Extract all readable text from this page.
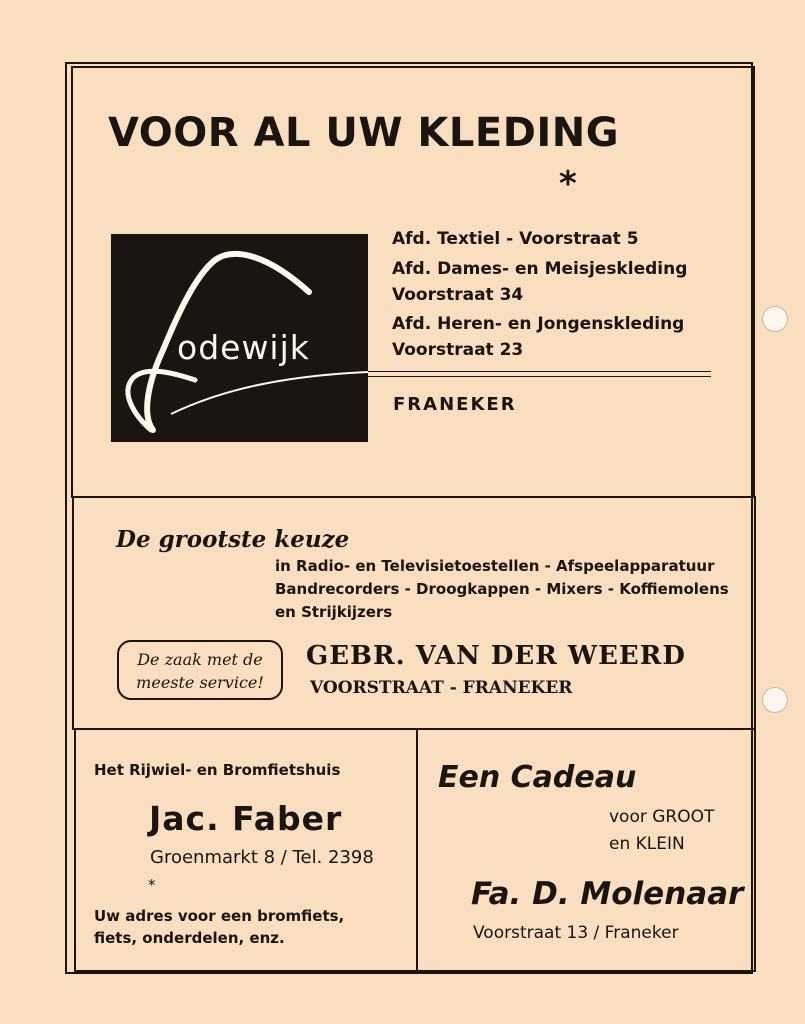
VOOR AL UW KLEDING
*
odewijk
Afd. Textiel - Voorstraat 5
Afd. Dames- en Meisjeskleding
Voorstraat 34
Afd. Heren- en Jongenskleding
Voorstraat 23
FRANEKER
De grootste keuze
in Radio- en Televisietoestellen - Afspeelapparatuur
Bandrecorders - Droogkappen - Mixers - Koffiemolens
en Strijkijzers
De zaak met de
meeste service!
GEBR. VAN DER WEERD
VOORSTRAAT - FRANEKER
Het Rijwiel- en Bromfietshuis
Jac. Faber
Groenmarkt 8 / Tel. 2398
*
Uw adres voor een bromfiets,
fiets, onderdelen, enz.
Een Cadeau
voor GROOT
en KLEIN
Fa. D. Molenaar
Voorstraat 13 / Franeker
